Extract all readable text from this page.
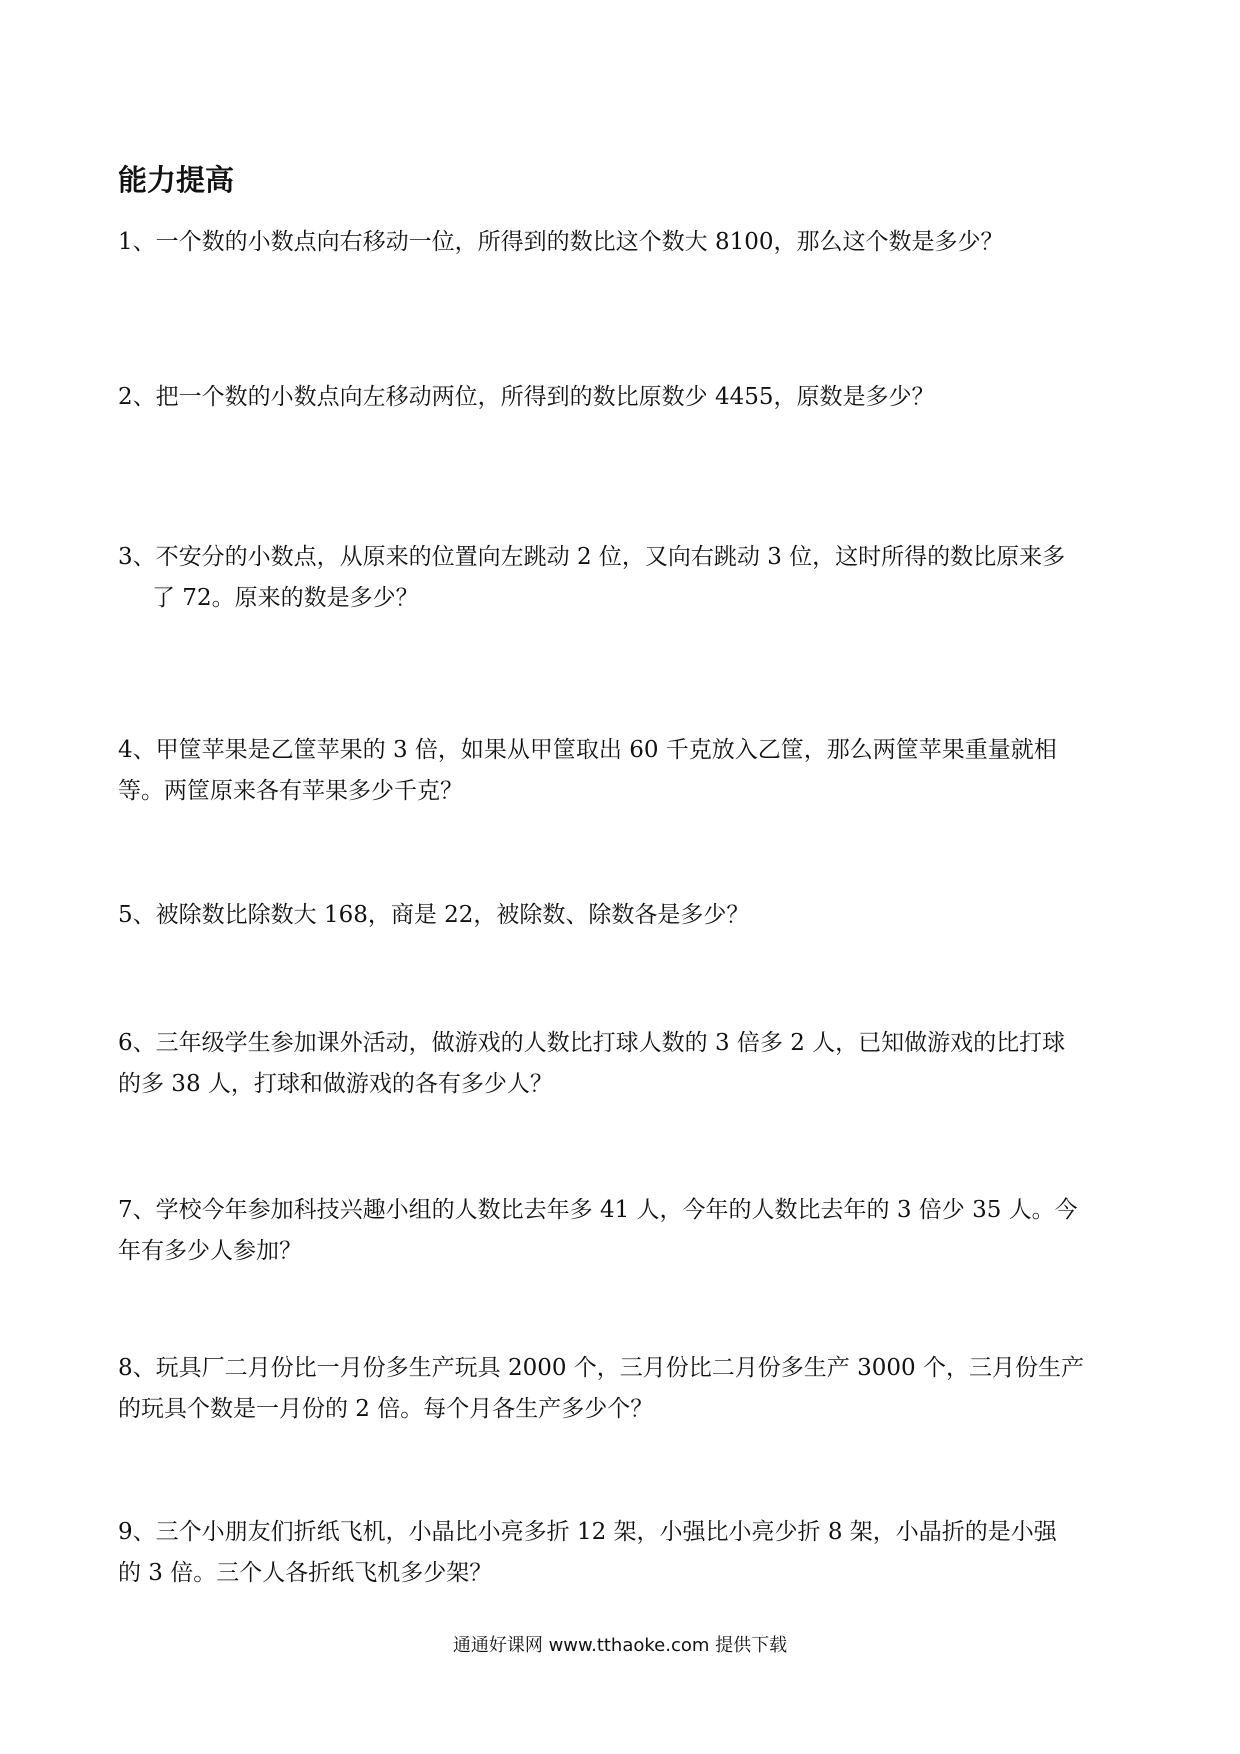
能力提高
1、一个数的小数点向右移动一位，所得到的数比这个数大 8100，那么这个数是多少？
2、把一个数的小数点向左移动两位，所得到的数比原数少 4455，原数是多少？
3、不安分的小数点，从原来的位置向左跳动 2 位，又向右跳动 3 位，这时所得的数比原来多
了 72。原来的数是多少？
4、甲筐苹果是乙筐苹果的 3 倍，如果从甲筐取出 60 千克放入乙筐，那么两筐苹果重量就相
等。两筐原来各有苹果多少千克？
5、被除数比除数大 168，商是 22，被除数、除数各是多少？
6、三年级学生参加课外活动，做游戏的人数比打球人数的 3 倍多 2 人，已知做游戏的比打球
的多 38 人，打球和做游戏的各有多少人？
7、学校今年参加科技兴趣小组的人数比去年多 41 人，今年的人数比去年的 3 倍少 35 人。今
年有多少人参加？
8、玩具厂二月份比一月份多生产玩具 2000 个，三月份比二月份多生产 3000 个，三月份生产
的玩具个数是一月份的 2 倍。每个月各生产多少个？
9、三个小朋友们折纸飞机，小晶比小亮多折 12 架，小强比小亮少折 8 架，小晶折的是小强
的 3 倍。三个人各折纸飞机多少架？
通通好课网 www.tthaoke.com 提供下载
